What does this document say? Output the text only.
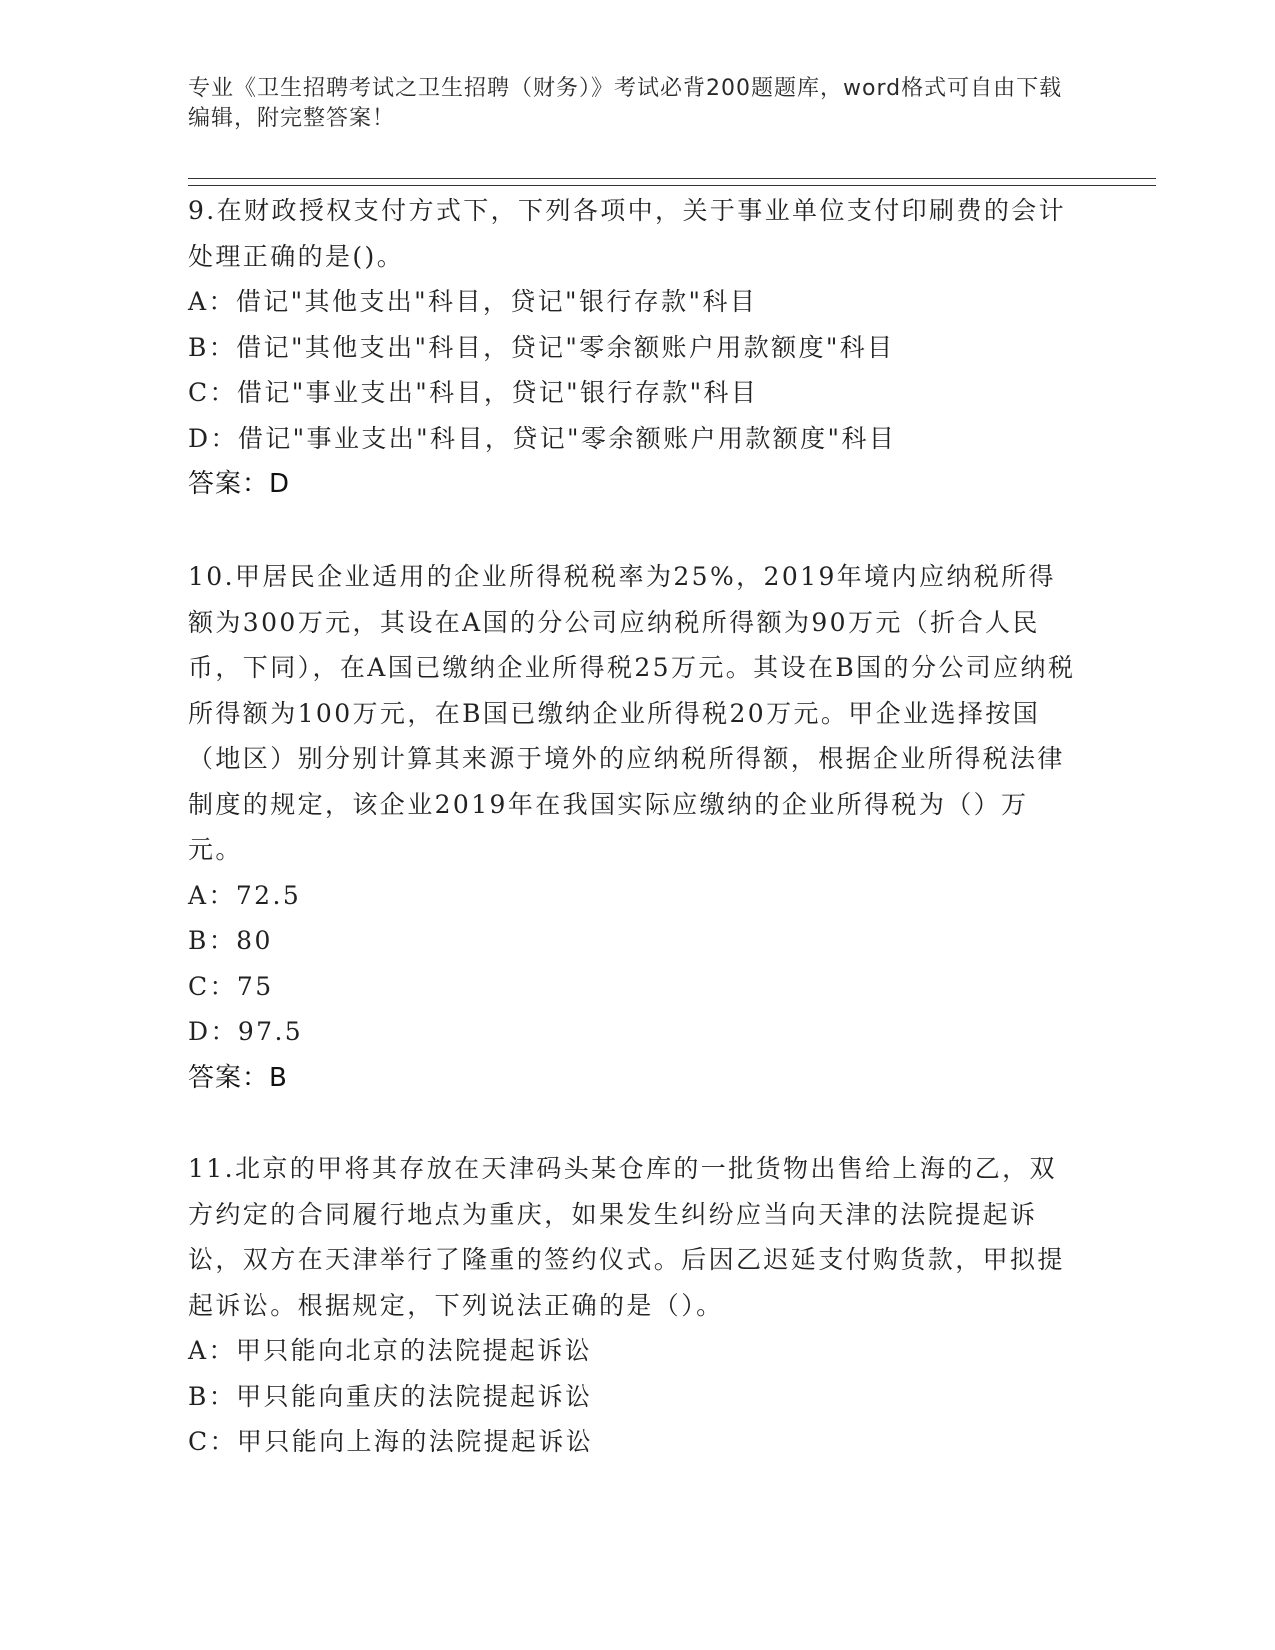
专业《卫生招聘考试之卫生招聘（财务）》考试必背200题题库，word格式可自由下载编辑，附完整答案！
9.在财政授权支付方式下，下列各项中，关于事业单位支付印刷费的会计处理正确的是()。
A：借记"其他支出"科目，贷记"银行存款"科目
B：借记"其他支出"科目，贷记"零余额账户用款额度"科目
C：借记"事业支出"科目，贷记"银行存款"科目
D：借记"事业支出"科目，贷记"零余额账户用款额度"科目
答案：D
10.甲居民企业适用的企业所得税税率为25%，2019年境内应纳税所得额为300万元，其设在A国的分公司应纳税所得额为90万元（折合人民币，下同），在A国已缴纳企业所得税25万元。其设在B国的分公司应纳税所得额为100万元，在B国已缴纳企业所得税20万元。甲企业选择按国（地区）别分别计算其来源于境外的应纳税所得额，根据企业所得税法律制度的规定，该企业2019年在我国实际应缴纳的企业所得税为（）万元。
A：72.5
B：80
C：75
D：97.5
答案：B
11.北京的甲将其存放在天津码头某仓库的一批货物出售给上海的乙，双方约定的合同履行地点为重庆，如果发生纠纷应当向天津的法院提起诉讼，双方在天津举行了隆重的签约仪式。后因乙迟延支付购货款，甲拟提起诉讼。根据规定，下列说法正确的是（）。
A：甲只能向北京的法院提起诉讼
B：甲只能向重庆的法院提起诉讼
C：甲只能向上海的法院提起诉讼
